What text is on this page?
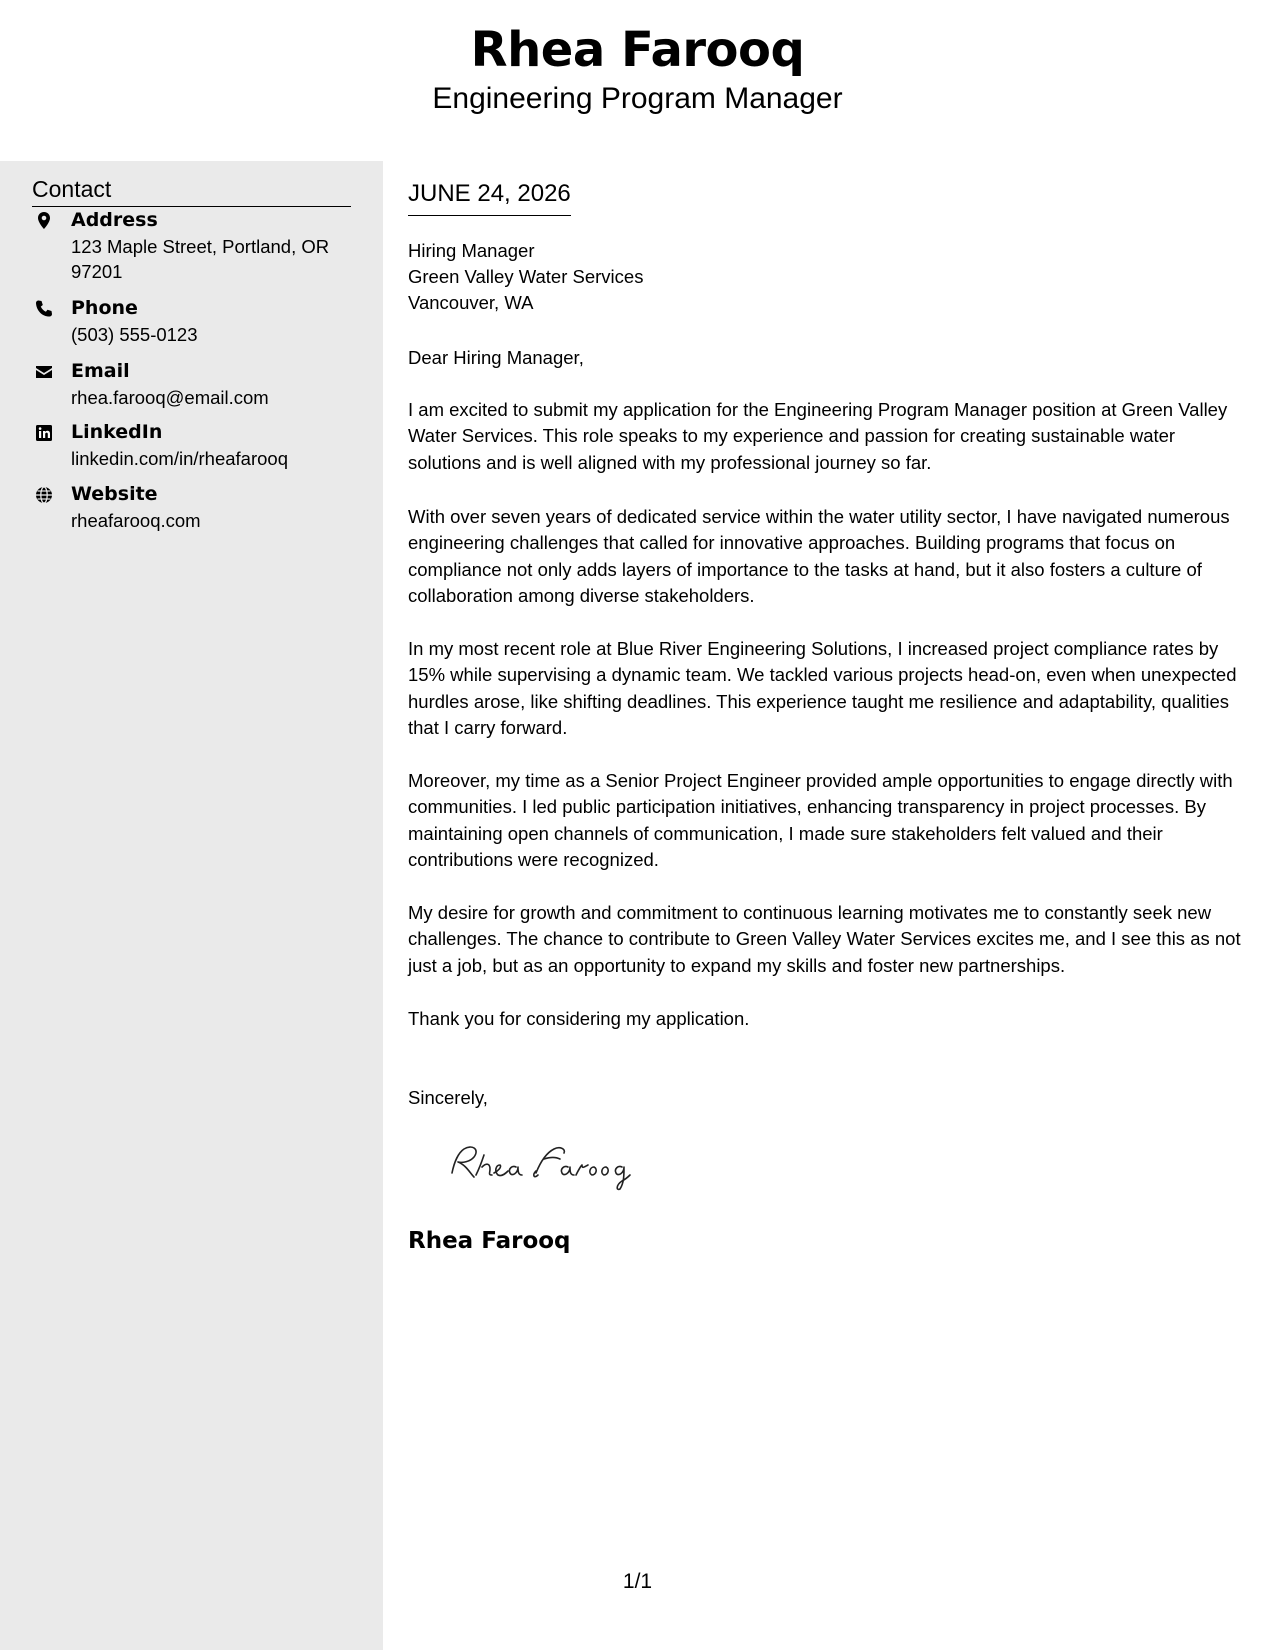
Rhea Farooq
Engineering Program Manager
Contact
Address
123 Maple Street, Portland, OR 97201
Phone
(503) 555-0123
Email
rhea.farooq@email.com
LinkedIn
linkedin.com/in/rheafarooq
Website
rheafarooq.com
JUNE 24, 2026
Hiring Manager
Green Valley Water Services
Vancouver, WA

Dear Hiring Manager,

I am excited to submit my application for the Engineering Program Manager position at Green Valley Water Services. This role speaks to my experience and passion for creating sustainable water solutions and is well aligned with my professional journey so far.

With over seven years of dedicated service within the water utility sector, I have navigated numerous engineering challenges that called for innovative approaches. Building programs that focus on compliance not only adds layers of importance to the tasks at hand, but it also fosters a culture of collaboration among diverse stakeholders.

In my most recent role at Blue River Engineering Solutions, I increased project compliance rates by 15% while supervising a dynamic team. We tackled various projects head-on, even when unexpected hurdles arose, like shifting deadlines. This experience taught me resilience and adaptability, qualities that I carry forward.

Moreover, my time as a Senior Project Engineer provided ample opportunities to engage directly with communities. I led public participation initiatives, enhancing transparency in project processes. By maintaining open channels of communication, I made sure stakeholders felt valued and their contributions were recognized.

My desire for growth and commitment to continuous learning motivates me to constantly seek new challenges. The chance to contribute to Green Valley Water Services excites me, and I see this as not just a job, but as an opportunity to expand my skills and foster new partnerships.

Thank you for considering my application.

Sincerely,

Rhea Farooq
1/1
